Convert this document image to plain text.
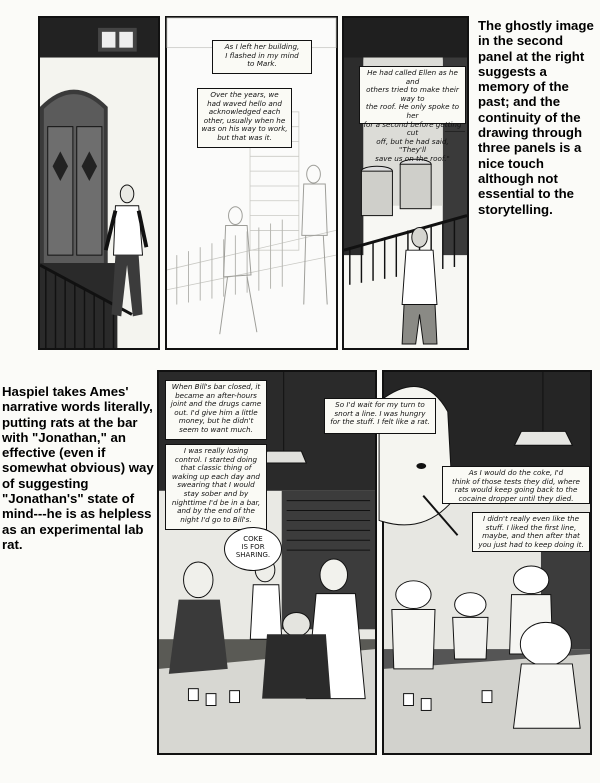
As I left her building,
I flashed in my mind
to Mark.
Over the years, we
had waved hello and
acknowledged each
other, usually when he
was on his way to work,
but that was it.
He had called Ellen as he and
others tried to make their way to
the roof. He only spoke to her
for a second before getting cut
off, but he had said, "They'll
save us on the roof."
The ghostly image in the second panel at the right suggests a memory of the past; and the continuity of the drawing through three panels is a nice touch although not essential to the storytelling.
Haspiel takes Ames' narrative words literally, putting rats at the bar with "Jonathan," an effective (even if somewhat obvious) way of suggesting "Jonathan's" state of mind---he is as helpless as an experimental lab rat.
When Bill's bar closed, it
became an after-hours
joint and the drugs came
out. I'd give him a little
money, but he didn't
seem to want much.
I was really losing
control. I started doing
that classic thing of
waking up each day and
swearing that I would
stay sober and by
nighttime I'd be in a bar,
and by the end of the
night I'd go to Bill's.
COKE
IS FOR
SHARING.
So I'd wait for my turn to
snort a line. I was hungry
for the stuff. I felt like a rat.
As I would do the coke, I'd
think of those tests they did, where
rats would keep going back to the
cocaine dropper until they died.
I didn't really even like the
stuff. I liked the first line,
maybe, and then after that
you just had to keep doing it.
